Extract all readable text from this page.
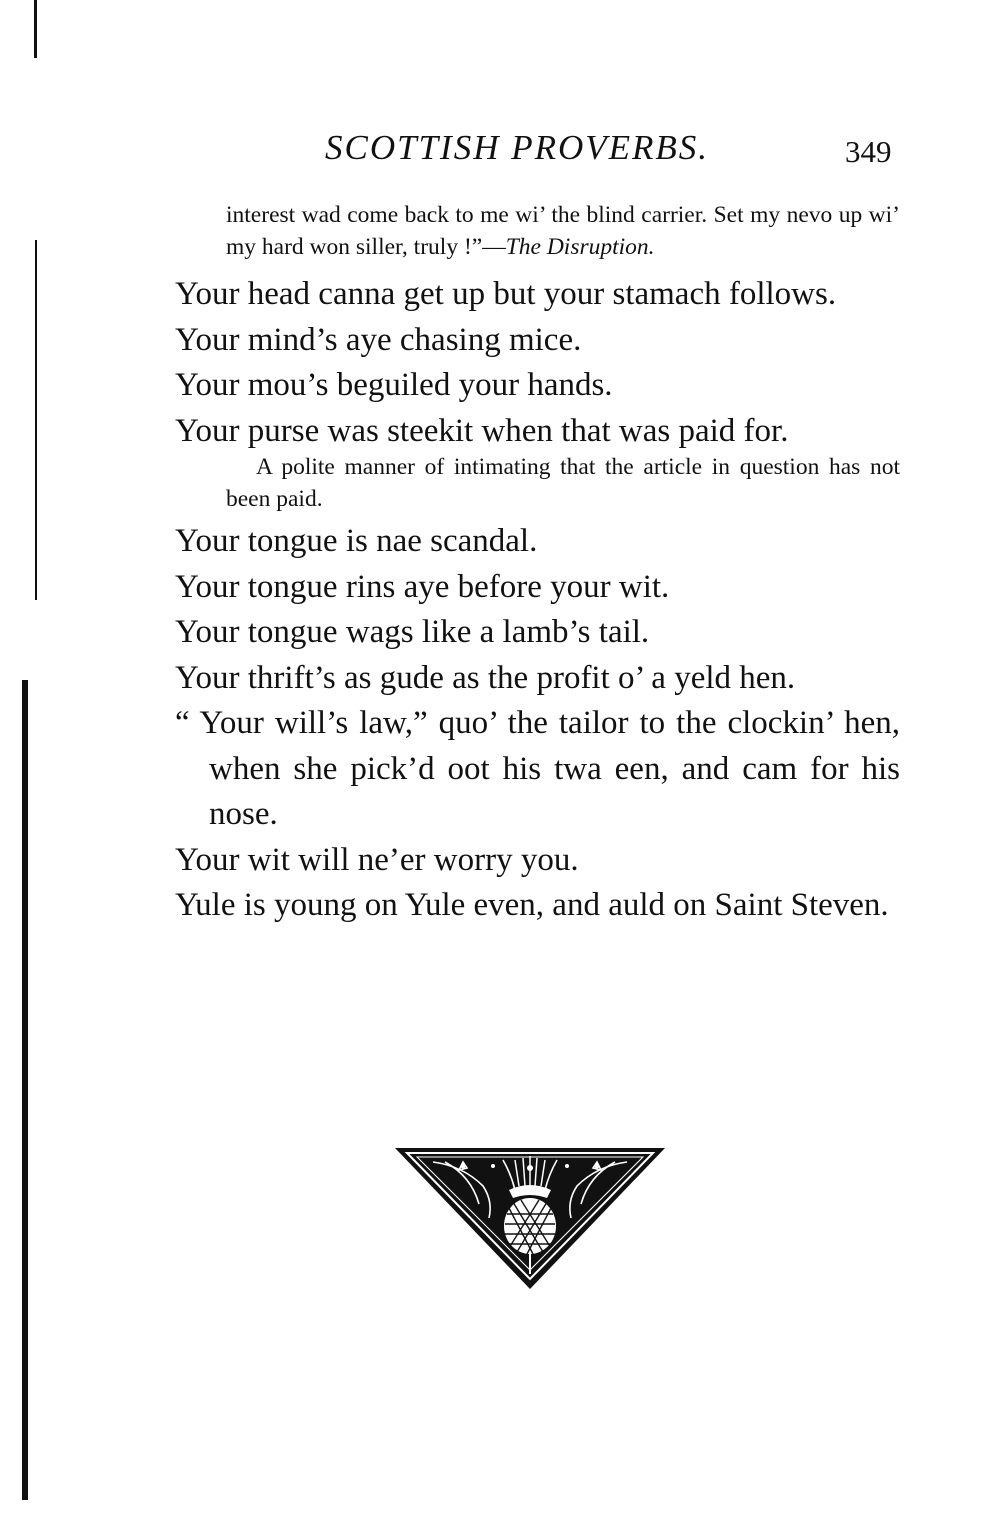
SCOTTISH PROVERBS.	349

interest wad come back to me wi’ the blind carrier. Set my nevo up wi’ my hard won siller, truly !”—The Disruption.

Your head canna get up but your stamach follows.

Your mind’s aye chasing mice.

Your mou’s beguiled your hands.

Your purse was steekit when that was paid for.

A polite manner of intimating that the article in question has not been paid.

Your tongue is nae scandal.

Your tongue rins aye before your wit.

Your tongue wags like a lamb’s tail.

Your thrift’s as gude as the profit o’ a yeld hen.

“ Your will’s law,” quo’ the tailor to the clockin’ hen, when she pick’d oot his twa een, and cam for his nose.

Your wit will ne’er worry you.

Yule is young on Yule even, and auld on Saint Steven.
